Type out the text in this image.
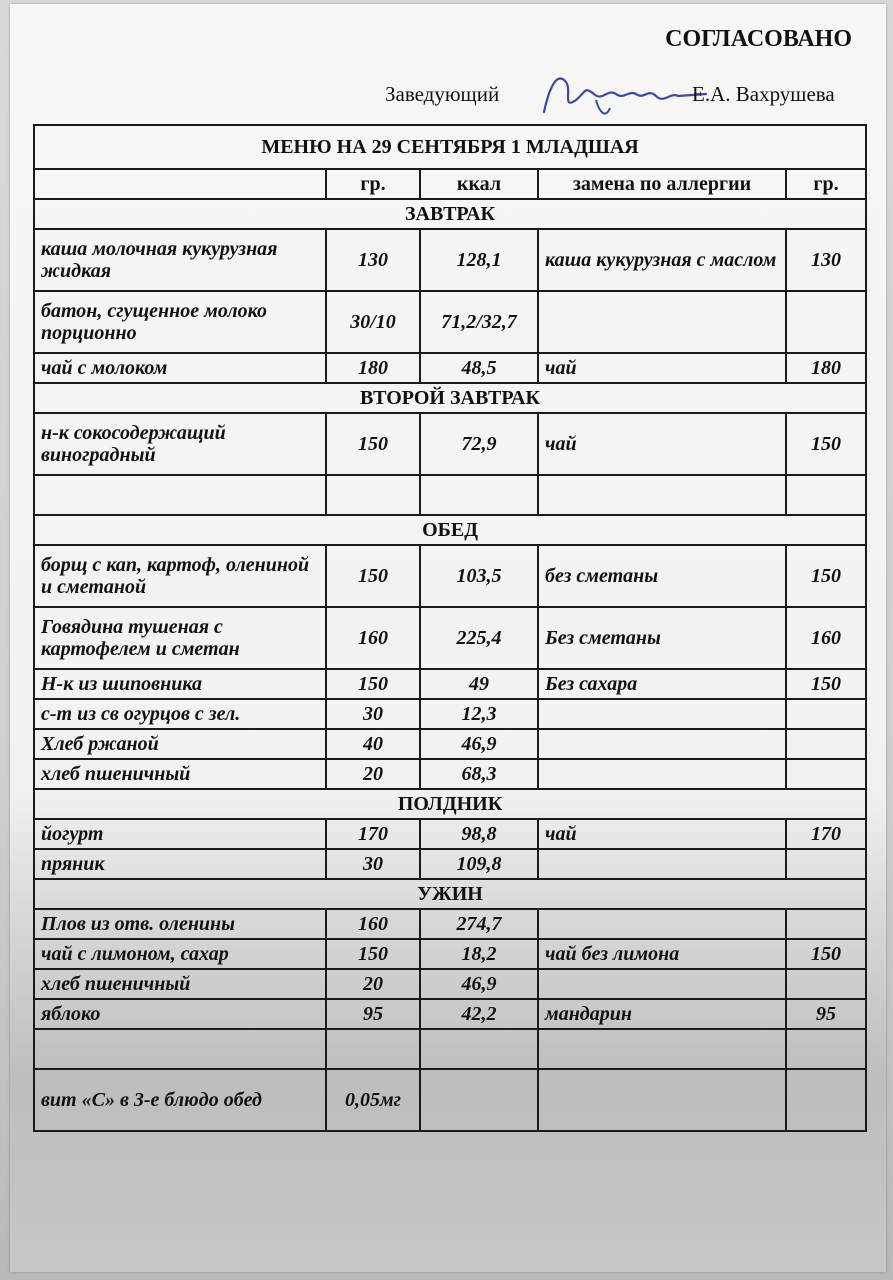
СОГЛАСОВАНО
Заведующий	Е.А. Вахрушева
МЕНЮ НА 29 СЕНТЯБРЯ 1 МЛАДШАЯ				
	гр.	ккал	замена по аллергии	гр.
ЗАВТРАК				
каша молочная кукурузная жидкая	130	128,1	каша кукурузная с маслом	130
батон, сгущенное молоко порционно	30/10	71,2/32,7		
чай с молоком	180	48,5	чай	180
ВТОРОЙ ЗАВТРАК				
н-к сокосодержащий виноградный	150	72,9	чай	150

ОБЕД				
борщ с кап, картоф, олениной и сметаной	150	103,5	без сметаны	150
Говядина тушеная с картофелем и сметан	160	225,4	Без сметаны	160
Н-к из шиповника	150	49	Без сахара	150
с-т из св огурцов с зел.	30	12,3		
Хлеб ржаной	40	46,9		
хлеб пшеничный	20	68,3		
ПОЛДНИК				
йогурт	170	98,8	чай	170
пряник	30	109,8		
УЖИН				
Плов из отв. оленины	160	274,7		
чай с лимоном, сахар	150	18,2	чай без лимона	150
хлеб пшеничный	20	46,9		
яблоко	95	42,2	мандарин	95

вит «С» в 3-е блюдо обед	0,05мг			
